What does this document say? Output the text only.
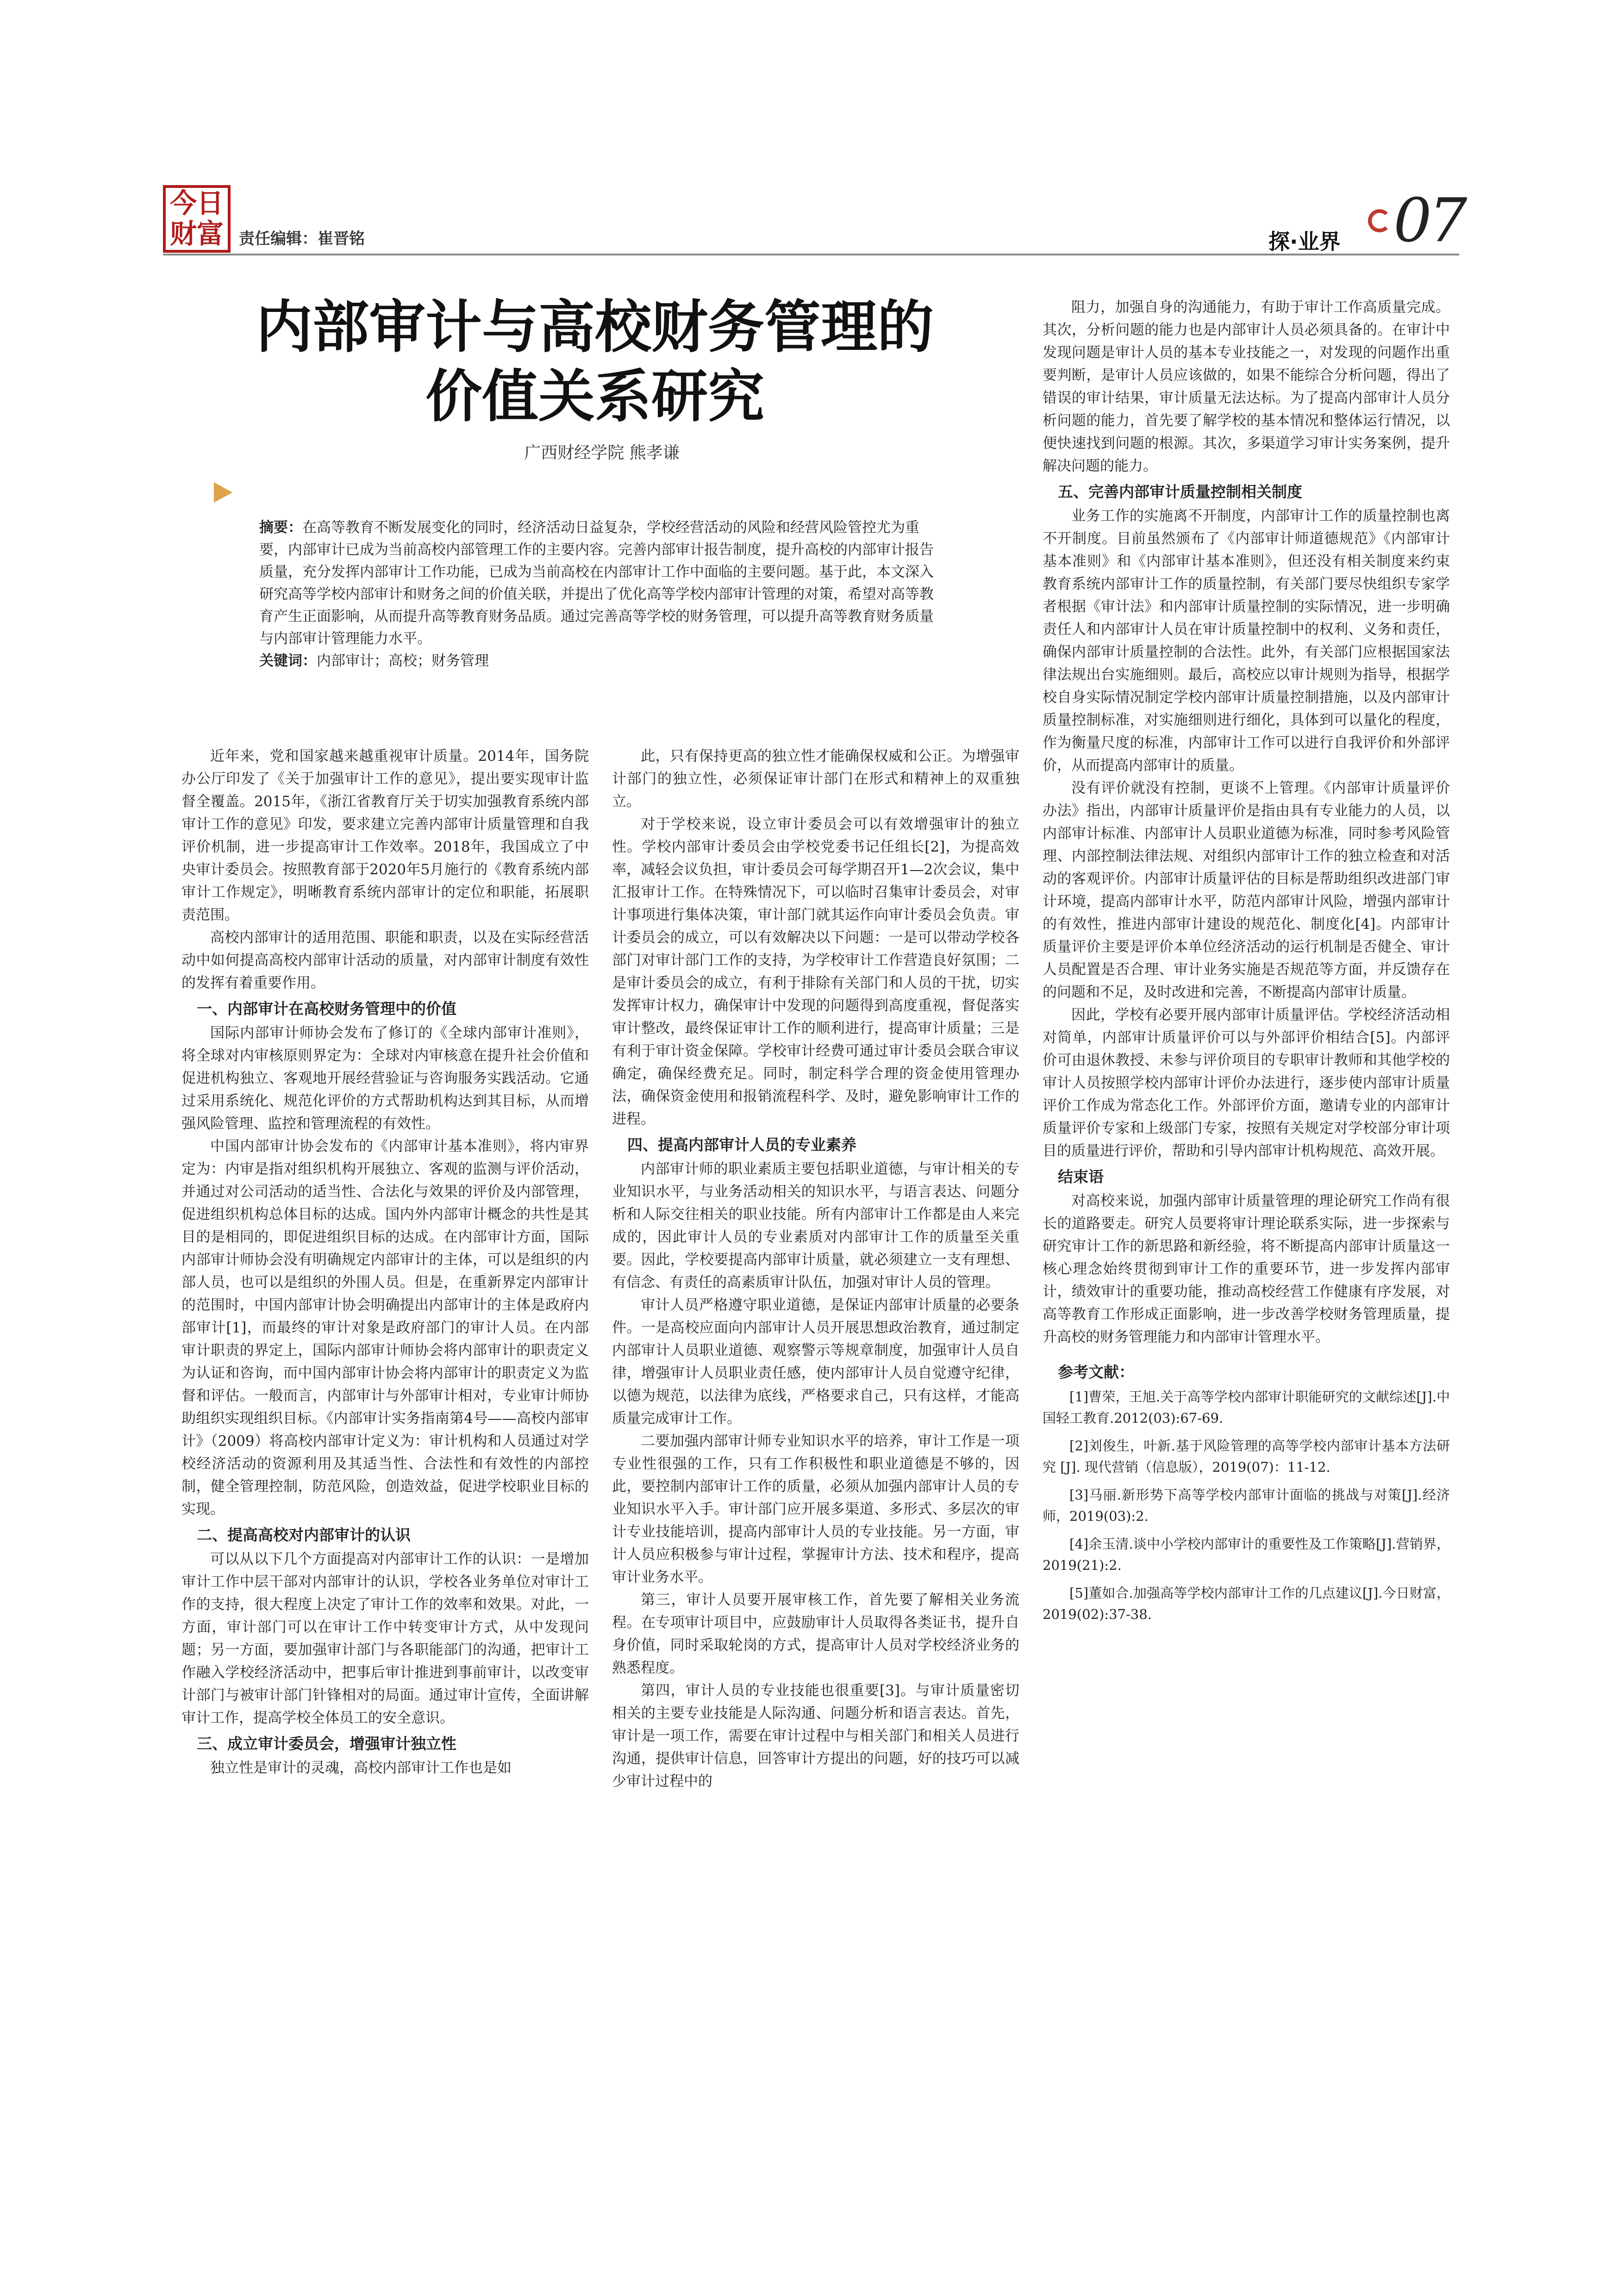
今日
财富 责任编辑：崔晋铭	探·业界 07
内部审计与高校财务管理的
价值关系研究
广西财经学院 熊孝谦
摘要：在高等教育不断发展变化的同时，经济活动日益复杂，学校经营活动的风险和经营风险管控尤为重要，内部审计已成为当前高校内部管理工作的主要内容。完善内部审计报告制度，提升高校的内部审计报告质量，充分发挥内部审计工作功能，已成为当前高校在内部审计工作中面临的主要问题。基于此，本文深入研究高等学校内部审计和财务之间的价值关联，并提出了优化高等学校内部审计管理的对策，希望对高等教育产生正面影响，从而提升高等教育财务品质。通过完善高等学校的财务管理，可以提升高等教育财务质量与内部审计管理能力水平。
关键词：内部审计；高校；财务管理

近年来，党和国家越来越重视审计质量。2014年，国务院办公厅印发了《关于加强审计工作的意见》，提出要实现审计监督全覆盖。2015年，《浙江省教育厅关于切实加强教育系统内部审计工作的意见》印发，要求建立完善内部审计质量管理和自我评价机制，进一步提高审计工作效率。2018年，我国成立了中央审计委员会。按照教育部于2020年5月施行的《教育系统内部审计工作规定》，明晰教育系统内部审计的定位和职能，拓展职责范围。

高校内部审计的适用范围、职能和职责，以及在实际经营活动中如何提高高校内部审计活动的质量，对内部审计制度有效性的发挥有着重要作用。

一、内部审计在高校财务管理中的价值

国际内部审计师协会发布了修订的《全球内部审计准则》，将全球对内审核原则界定为：全球对内审核意在提升社会价值和促进机构独立、客观地开展经营验证与咨询服务实践活动。它通过采用系统化、规范化评价的方式帮助机构达到其目标，从而增强风险管理、监控和管理流程的有效性。

中国内部审计协会发布的《内部审计基本准则》，将内审界定为：内审是指对组织机构开展独立、客观的监测与评价活动，并通过对公司活动的适当性、合法化与效果的评价及内部管理，促进组织机构总体目标的达成。国内外内部审计概念的共性是其目的是相同的，即促进组织目标的达成。在内部审计方面，国际内部审计师协会没有明确规定内部审计的主体，可以是组织的内部人员，也可以是组织的外围人员。但是，在重新界定内部审计的范围时，中国内部审计协会明确提出内部审计的主体是政府内部审计[1]，而最终的审计对象是政府部门的审计人员。在内部审计职责的界定上，国际内部审计师协会将内部审计的职责定义为认证和咨询，而中国内部审计协会将内部审计的职责定义为监督和评估。一般而言，内部审计与外部审计相对，专业审计师协助组织实现组织目标。《内部审计实务指南第4号——高校内部审计》（2009）将高校内部审计定义为：审计机构和人员通过对学校经济活动的资源利用及其适当性、合法性和有效性的内部控制，健全管理控制，防范风险，创造效益，促进学校职业目标的实现。

二、提高高校对内部审计的认识

可以从以下几个方面提高对内部审计工作的认识：一是增加审计工作中层干部对内部审计的认识，学校各业务单位对审计工作的支持，很大程度上决定了审计工作的效率和效果。对此，一方面，审计部门可以在审计工作中转变审计方式，从中发现问题；另一方面，要加强审计部门与各职能部门的沟通，把审计工作融入学校经济活动中，把事后审计推进到事前审计，以改变审计部门与被审计部门针锋相对的局面。通过审计宣传，全面讲解审计工作，提高学校全体员工的安全意识。

三、成立审计委员会，增强审计独立性

独立性是审计的灵魂，高校内部审计工作也是如

此，只有保持更高的独立性才能确保权威和公正。为增强审计部门的独立性，必须保证审计部门在形式和精神上的双重独立。

对于学校来说，设立审计委员会可以有效增强审计的独立性。学校内部审计委员会由学校党委书记任组长[2]，为提高效率，减轻会议负担，审计委员会可每学期召开1—2次会议，集中汇报审计工作。在特殊情况下，可以临时召集审计委员会，对审计事项进行集体决策，审计部门就其运作向审计委员会负责。审计委员会的成立，可以有效解决以下问题：一是可以带动学校各部门对审计部门工作的支持，为学校审计工作营造良好氛围；二是审计委员会的成立，有利于排除有关部门和人员的干扰，切实发挥审计权力，确保审计中发现的问题得到高度重视，督促落实审计整改，最终保证审计工作的顺利进行，提高审计质量；三是有利于审计资金保障。学校审计经费可通过审计委员会联合审议确定，确保经费充足。同时，制定科学合理的资金使用管理办法，确保资金使用和报销流程科学、及时，避免影响审计工作的进程。

四、提高内部审计人员的专业素养

内部审计师的职业素质主要包括职业道德，与审计相关的专业知识水平，与业务活动相关的知识水平，与语言表达、问题分析和人际交往相关的职业技能。所有内部审计工作都是由人来完成的，因此审计人员的专业素质对内部审计工作的质量至关重要。因此，学校要提高内部审计质量，就必须建立一支有理想、有信念、有责任的高素质审计队伍，加强对审计人员的管理。

审计人员严格遵守职业道德，是保证内部审计质量的必要条件。一是高校应面向内部审计人员开展思想政治教育，通过制定内部审计人员职业道德、观察警示等规章制度，加强审计人员自律，增强审计人员职业责任感，使内部审计人员自觉遵守纪律，以德为规范，以法律为底线，严格要求自己，只有这样，才能高质量完成审计工作。

二要加强内部审计师专业知识水平的培养，审计工作是一项专业性很强的工作，只有工作积极性和职业道德是不够的，因此，要控制内部审计工作的质量，必须从加强内部审计人员的专业知识水平入手。审计部门应开展多渠道、多形式、多层次的审计专业技能培训，提高内部审计人员的专业技能。另一方面，审计人员应积极参与审计过程，掌握审计方法、技术和程序，提高审计业务水平。

第三，审计人员要开展审核工作，首先要了解相关业务流程。在专项审计项目中，应鼓励审计人员取得各类证书，提升自身价值，同时采取轮岗的方式，提高审计人员对学校经济业务的熟悉程度。

第四，审计人员的专业技能也很重要[3]。与审计质量密切相关的主要专业技能是人际沟通、问题分析和语言表达。首先，审计是一项工作，需要在审计过程中与相关部门和相关人员进行沟通，提供审计信息，回答审计方提出的问题，好的技巧可以减少审计过程中的

阻力，加强自身的沟通能力，有助于审计工作高质量完成。其次，分析问题的能力也是内部审计人员必须具备的。在审计中发现问题是审计人员的基本专业技能之一，对发现的问题作出重要判断，是审计人员应该做的，如果不能综合分析问题，得出了错误的审计结果，审计质量无法达标。为了提高内部审计人员分析问题的能力，首先要了解学校的基本情况和整体运行情况，以便快速找到问题的根源。其次，多渠道学习审计实务案例，提升解决问题的能力。

五、完善内部审计质量控制相关制度

业务工作的实施离不开制度，内部审计工作的质量控制也离不开制度。目前虽然颁布了《内部审计师道德规范》《内部审计基本准则》和《内部审计基本准则》，但还没有相关制度来约束教育系统内部审计工作的质量控制，有关部门要尽快组织专家学者根据《审计法》和内部审计质量控制的实际情况，进一步明确责任人和内部审计人员在审计质量控制中的权利、义务和责任，确保内部审计质量控制的合法性。此外，有关部门应根据国家法律法规出台实施细则。最后，高校应以审计规则为指导，根据学校自身实际情况制定学校内部审计质量控制措施，以及内部审计质量控制标准，对实施细则进行细化，具体到可以量化的程度，作为衡量尺度的标准，内部审计工作可以进行自我评价和外部评价，从而提高内部审计的质量。

没有评价就没有控制，更谈不上管理。《内部审计质量评价办法》指出，内部审计质量评价是指由具有专业能力的人员，以内部审计标准、内部审计人员职业道德为标准，同时参考风险管理、内部控制法律法规、对组织内部审计工作的独立检查和对活动的客观评价。内部审计质量评估的目标是帮助组织改进部门审计环境，提高内部审计水平，防范内部审计风险，增强内部审计的有效性，推进内部审计建设的规范化、制度化[4]。内部审计质量评价主要是评价本单位经济活动的运行机制是否健全、审计人员配置是否合理、审计业务实施是否规范等方面，并反馈存在的问题和不足，及时改进和完善，不断提高内部审计质量。

因此，学校有必要开展内部审计质量评估。学校经济活动相对简单，内部审计质量评价可以与外部评价相结合[5]。内部评价可由退休教授、未参与评价项目的专职审计教师和其他学校的审计人员按照学校内部审计评价办法进行，逐步使内部审计质量评价工作成为常态化工作。外部评价方面，邀请专业的内部审计质量评价专家和上级部门专家，按照有关规定对学校部分审计项目的质量进行评价，帮助和引导内部审计机构规范、高效开展。

结束语

对高校来说，加强内部审计质量管理的理论研究工作尚有很长的道路要走。研究人员要将审计理论联系实际，进一步探索与研究审计工作的新思路和新经验，将不断提高内部审计质量这一核心理念始终贯彻到审计工作的重要环节，进一步发挥内部审计，绩效审计的重要功能，推动高校经营工作健康有序发展，对高等教育工作形成正面影响，进一步改善学校财务管理质量，提升高校的财务管理能力和内部审计管理水平。

参考文献：
[1]曹荣，王旭.关于高等学校内部审计职能研究的文献综述[J].中国轻工教育.2012(03):67-69.
[2]刘俊生，叶新.基于风险管理的高等学校内部审计基本方法研究 [J]. 现代营销（信息版），2019(07)：11-12.
[3]马丽.新形势下高等学校内部审计面临的挑战与对策[J].经济师，2019(03):2.
[4]余玉清.谈中小学校内部审计的重要性及工作策略[J].营销界，2019(21):2.
[5]董如合.加强高等学校内部审计工作的几点建议[J].今日财富，2019(02):37-38.
